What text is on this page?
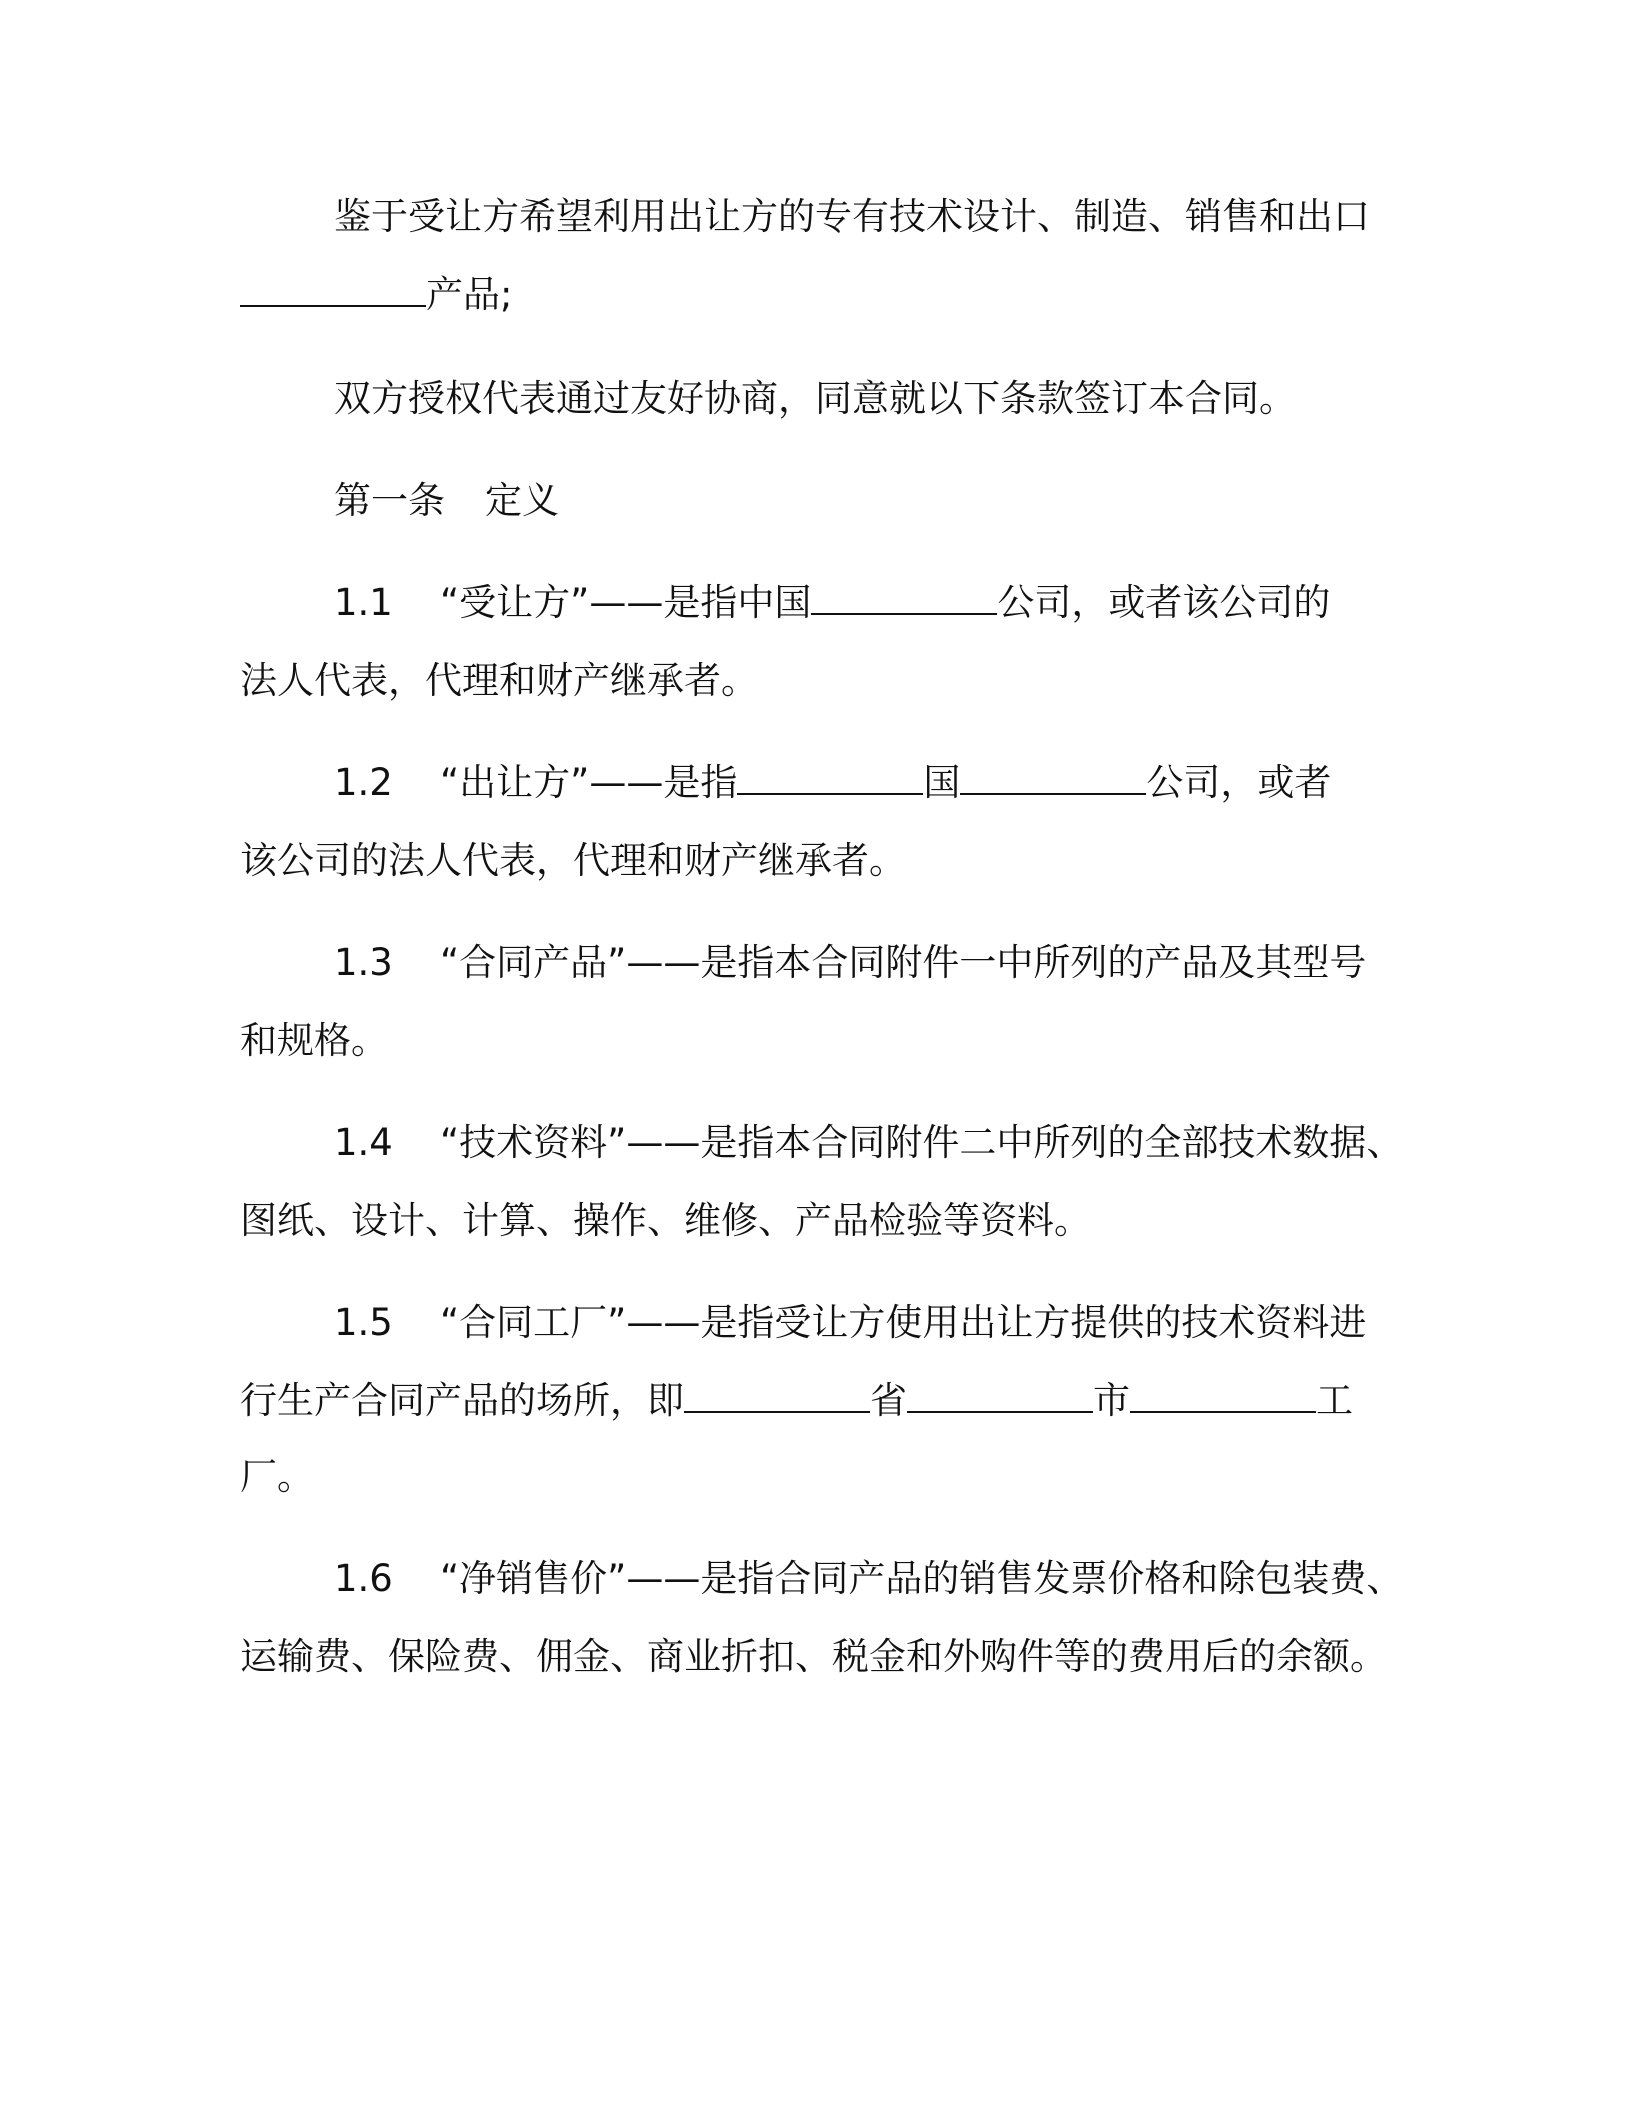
鉴于受让方希望利用出让方的专有技术设计、制造、销售和出口
产品;
双方授权代表通过友好协商，同意就以下条款签订本合同。
第一条 定义
1.1 “受让方”——是指中国	公司，或者该公司的
法人代表，代理和财产继承者。
1.2 “出让方”——是指	国	公司，或者
该公司的法人代表，代理和财产继承者。
1.3 “合同产品”——是指本合同附件一中所列的产品及其型号
和规格。
1.4 “技术资料”——是指本合同附件二中所列的全部技术数据、
图纸、设计、计算、操作、维修、产品检验等资料。
1.5 “合同工厂”——是指受让方使用出让方提供的技术资料进
行生产合同产品的场所，即	省	市	工
厂。
1.6 “净销售价”——是指合同产品的销售发票价格和除包装费、
运输费、保险费、佣金、商业折扣、税金和外购件等的费用后的余额。
